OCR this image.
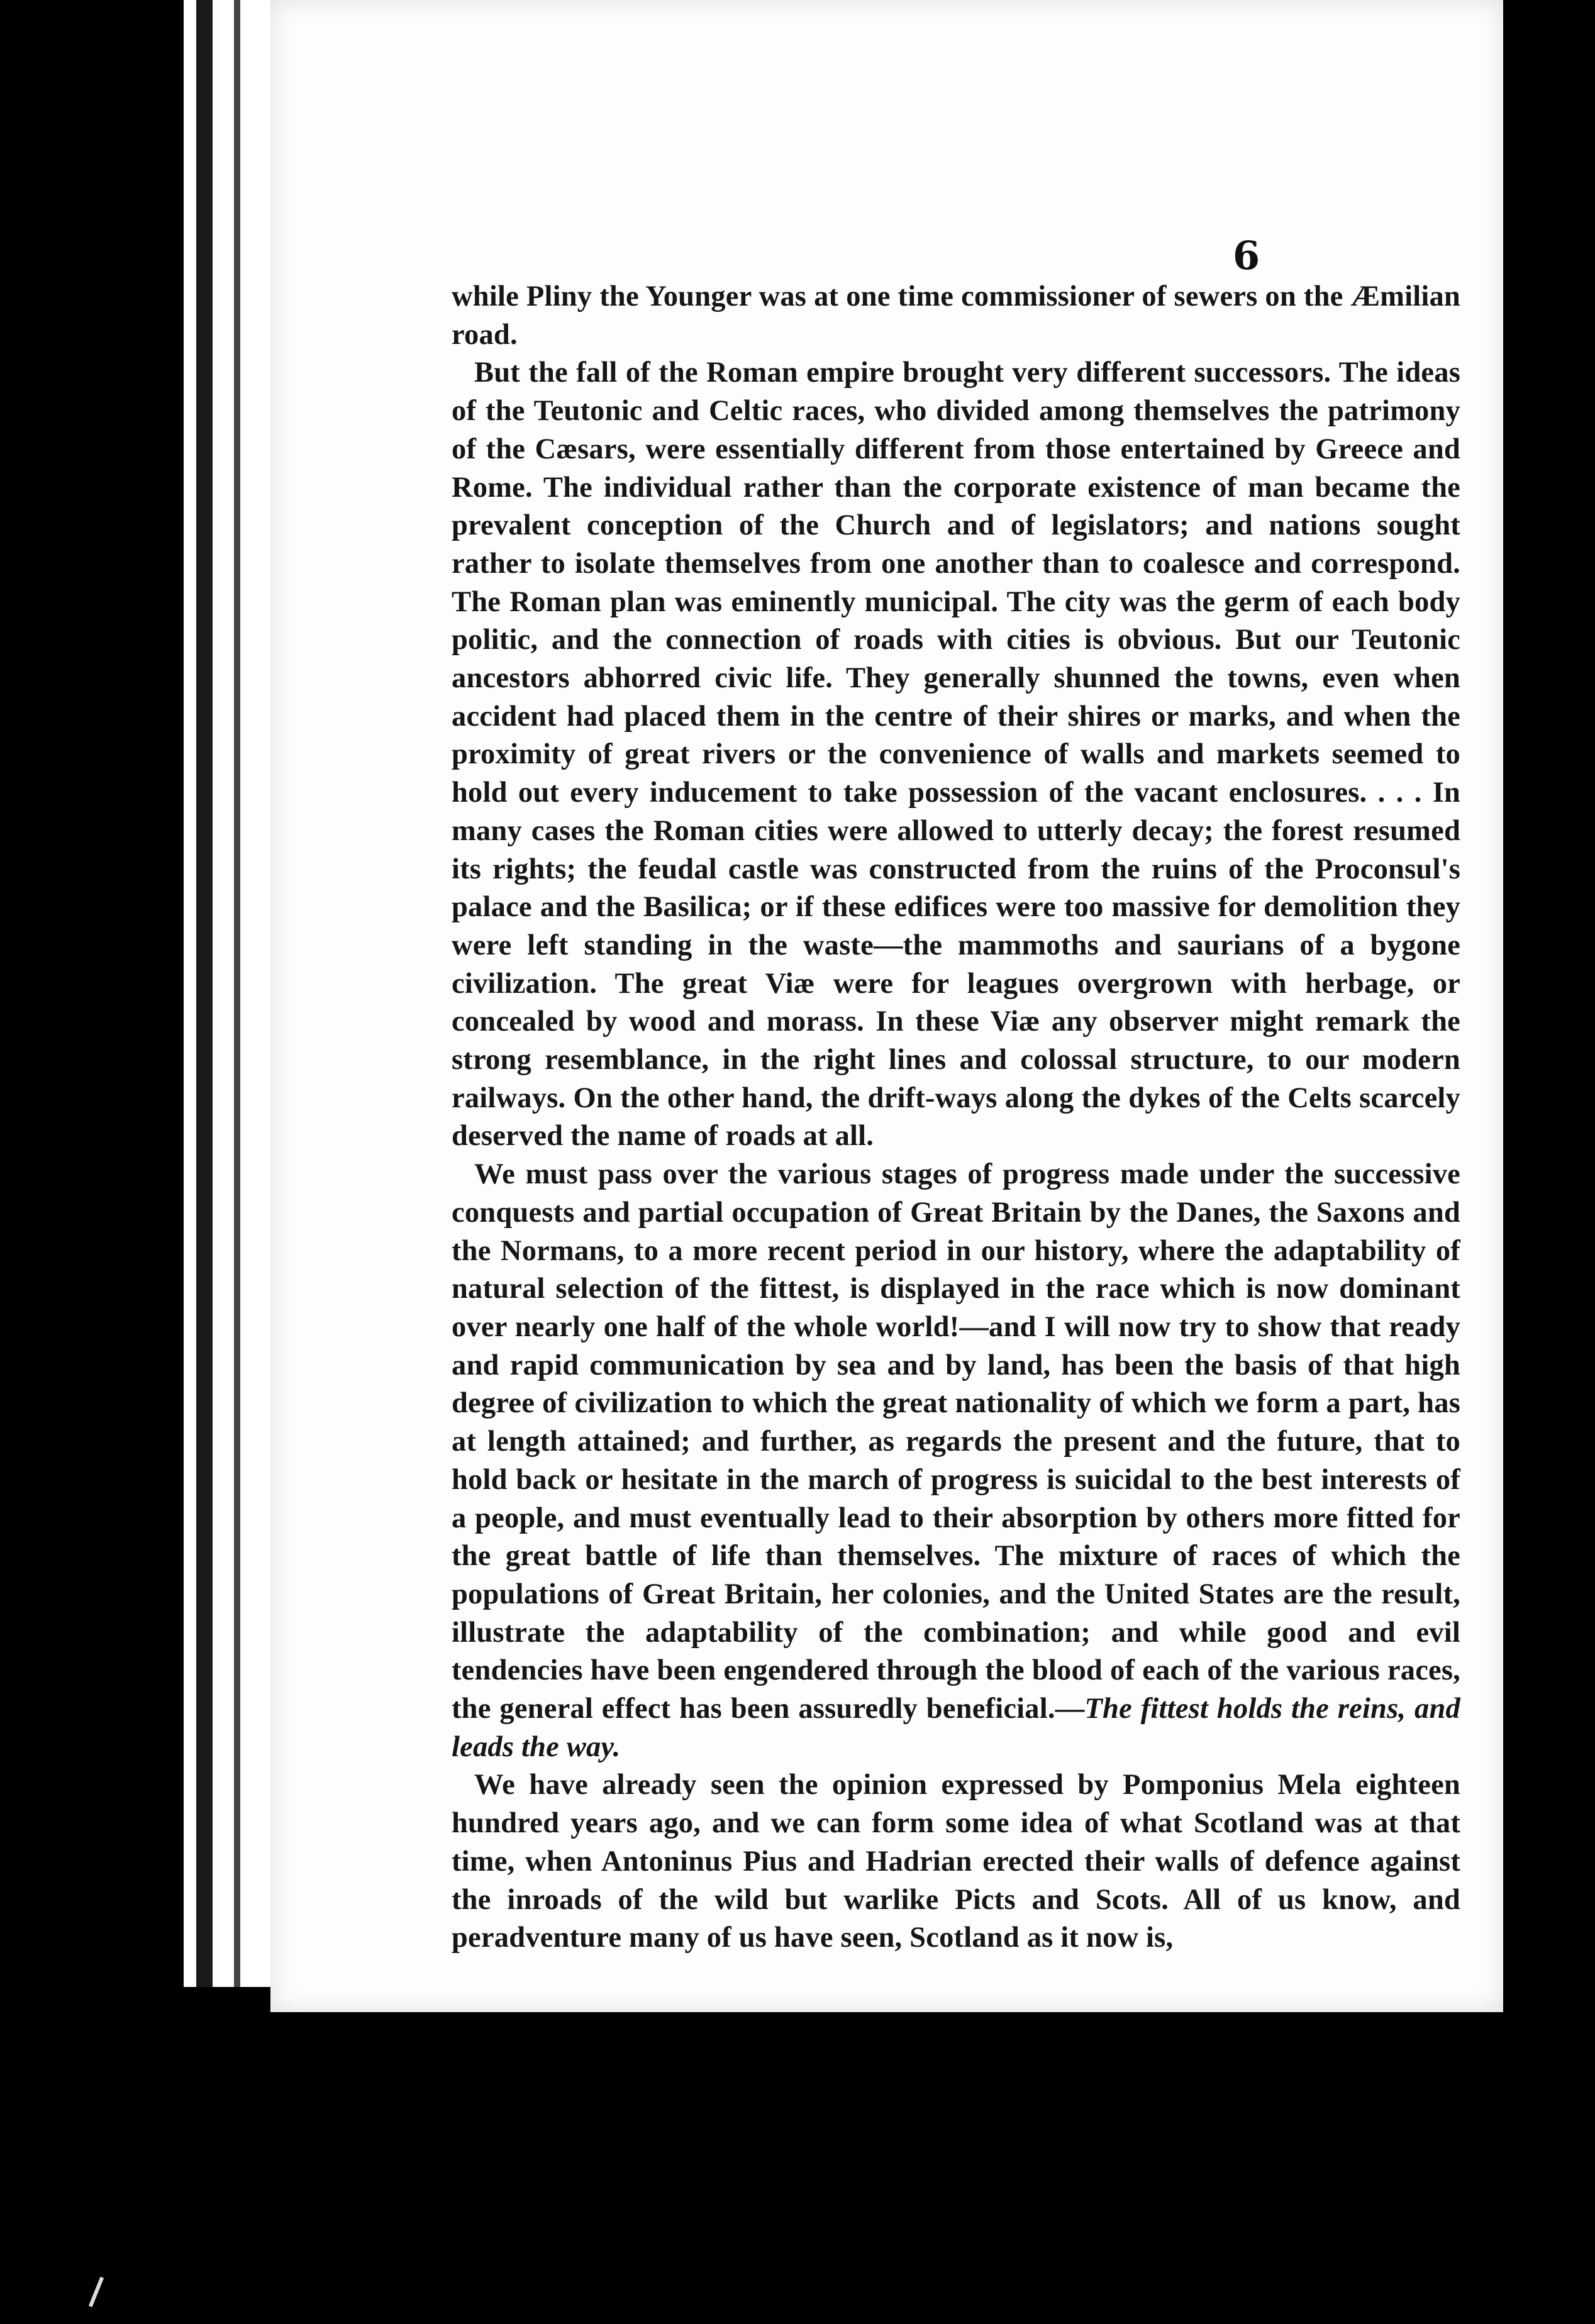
6

while Pliny the Younger was at one time commissioner of sewers on the Æmilian road.

But the fall of the Roman empire brought very different successors. The ideas of the Teutonic and Celtic races, who divided among themselves the patrimony of the Cæsars, were essentially different from those entertained by Greece and Rome. The individual rather than the corporate existence of man became the prevalent conception of the Church and of legislators; and nations sought rather to isolate themselves from one another than to coalesce and correspond. The Roman plan was eminently municipal. The city was the germ of each body politic, and the connection of roads with cities is obvious. But our Teutonic ancestors abhorred civic life. They generally shunned the towns, even when accident had placed them in the centre of their shires or marks, and when the proximity of great rivers or the convenience of walls and markets seemed to hold out every inducement to take possession of the vacant enclosures. . . . In many cases the Roman cities were allowed to utterly decay; the forest resumed its rights; the feudal castle was constructed from the ruins of the Proconsul's palace and the Basilica; or if these edifices were too massive for demolition they were left standing in the waste—the mammoths and saurians of a bygone civilization. The great Viæ were for leagues overgrown with herbage, or concealed by wood and morass. In these Viæ any observer might remark the strong resemblance, in the right lines and colossal structure, to our modern railways. On the other hand, the drift-ways along the dykes of the Celts scarcely deserved the name of roads at all.

We must pass over the various stages of progress made under the successive conquests and partial occupation of Great Britain by the Danes, the Saxons and the Normans, to a more recent period in our history, where the adaptability of natural selection of the fittest, is displayed in the race which is now dominant over nearly one half of the whole world!—and I will now try to show that ready and rapid communication by sea and by land, has been the basis of that high degree of civilization to which the great nationality of which we form a part, has at length attained; and further, as regards the present and the future, that to hold back or hesitate in the march of progress is suicidal to the best interests of a people, and must eventually lead to their absorption by others more fitted for the great battle of life than themselves. The mixture of races of which the populations of Great Britain, her colonies, and the United States are the result, illustrate the adaptability of the combination; and while good and evil tendencies have been engendered through the blood of each of the various races, the general effect has been assuredly beneficial.—The fittest holds the reins, and leads the way.

We have already seen the opinion expressed by Pomponius Mela eighteen hundred years ago, and we can form some idea of what Scotland was at that time, when Antoninus Pius and Hadrian erected their walls of defence against the inroads of the wild but warlike Picts and Scots. All of us know, and peradventure many of us have seen, Scotland as it now is,
